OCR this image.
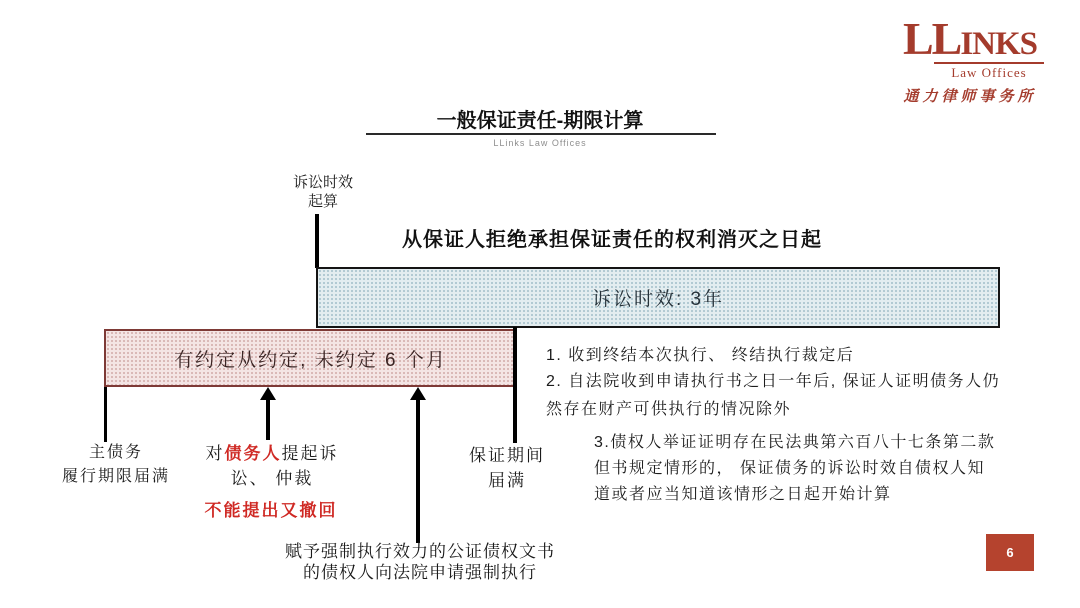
LLINKS
Law Offices
通力律师事务所
一般保证责任-期限计算
LLinks Law Offices
诉讼时效
起算
从保证人拒绝承担保证责任的权利消灭之日起
诉讼时效: 3年
有约定从约定, 未约定 6 个月
主债务
履行期限届满
对债务人提起诉
讼、 仲裁
不能提出又撤回
保证期间
届满
赋予强制执行效力的公证债权文书
的债权人向法院申请强制执行
1. 收到终结本次执行、 终结执行裁定后
2. 自法院收到申请执行书之日一年后, 保证人证明债务人仍
然存在财产可供执行的情况除外
3.债权人举证证明存在民法典第六百八十七条第二款
但书规定情形的， 保证债务的诉讼时效自债权人知
道或者应当知道该情形之日起开始计算
6
